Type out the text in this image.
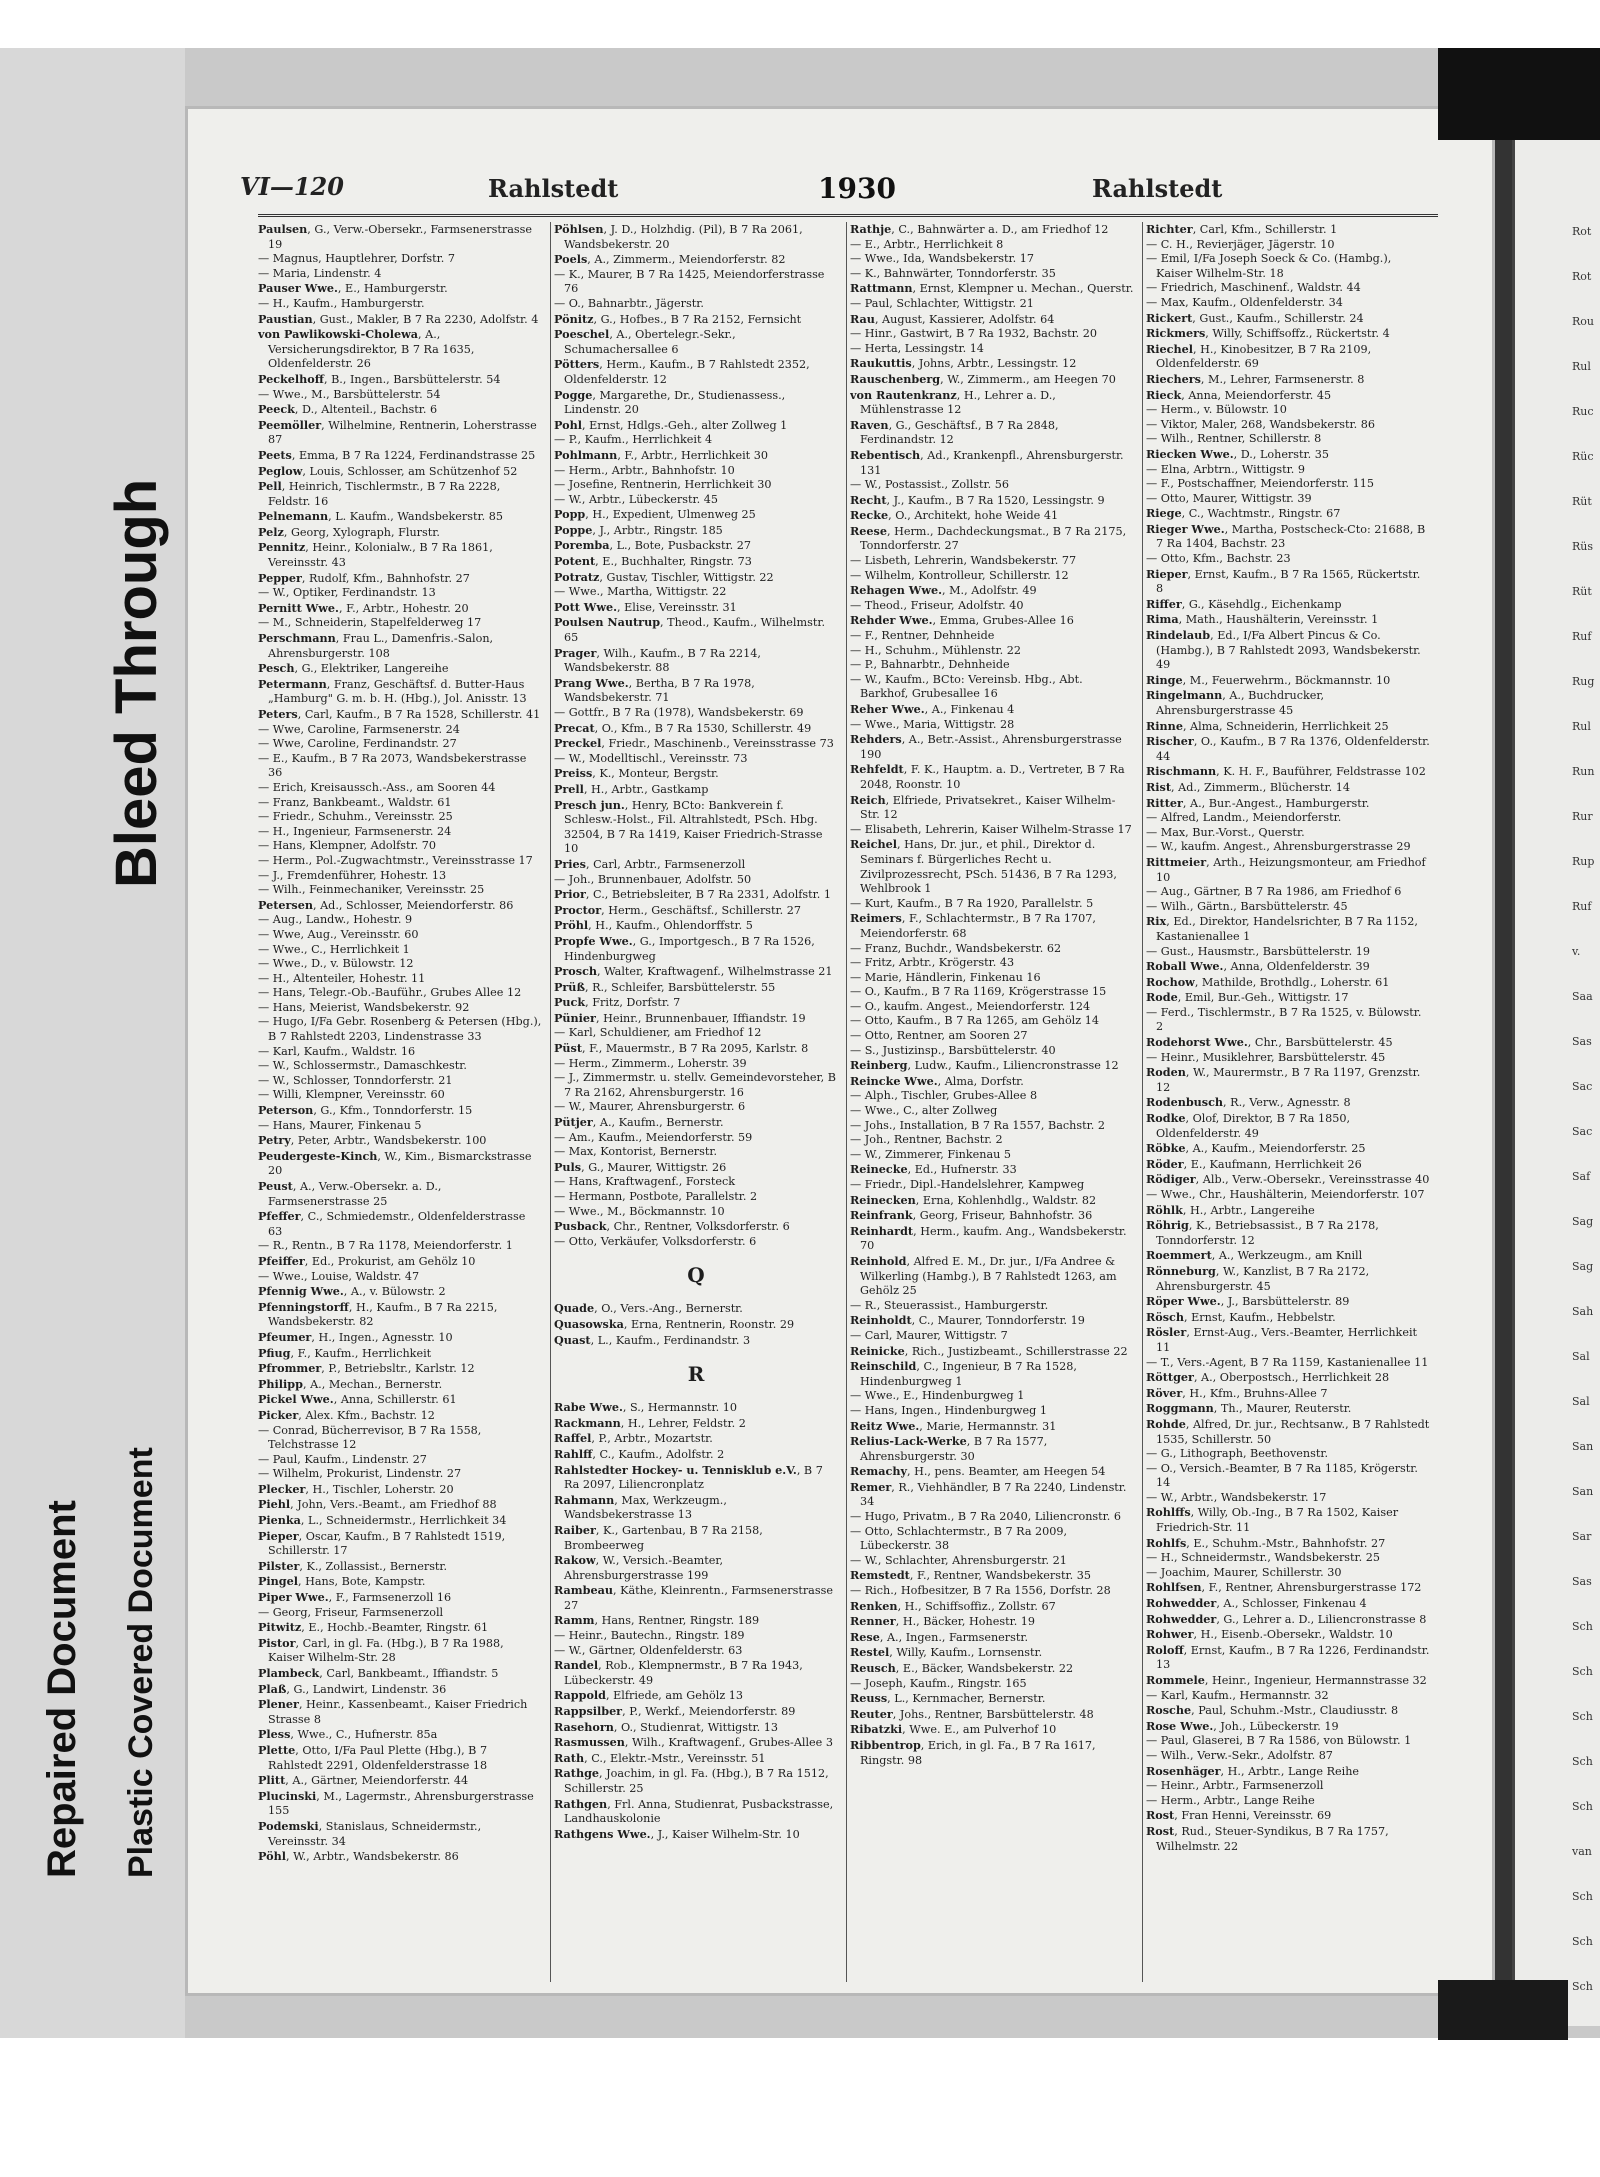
Bleed Through
Repaired Document Plastic Covered Document
VI—120	Rahlstedt	1930	Rahlstedt

Paulsen, G., Verw.-Obersekr., Farmsenerstrasse 19

— Magnus, Hauptlehrer, Dorfstr. 7

— Maria, Lindenstr. 4

Pauser Wwe., E., Hamburgerstr.

— H., Kaufm., Hamburgerstr.

Paustian, Gust., Makler, B 7 Ra 2230, Adolfstr. 4

von Pawlikowski-Cholewa, A., Versicherungsdirektor, B 7 Ra 1635, Oldenfelderstr. 26

Peckelhoff, B., Ingen., Barsbüttelerstr. 54

— Wwe., M., Barsbüttelerstr. 54

Peeck, D., Altenteil., Bachstr. 6

Peemöller, Wilhelmine, Rentnerin, Loherstrasse 87

Peets, Emma, B 7 Ra 1224, Ferdinandstrasse 25

Peglow, Louis, Schlosser, am Schützenhof 52

Pell, Heinrich, Tischlermstr., B 7 Ra 2228, Feldstr. 16

Pelnemann, L. Kaufm., Wandsbekerstr. 85

Pelz, Georg, Xylograph, Flurstr.

Pennitz, Heinr., Kolonialw., B 7 Ra 1861, Vereinsstr. 43

Pepper, Rudolf, Kfm., Bahnhofstr. 27

— W., Optiker, Ferdinandstr. 13

Pernitt Wwe., F., Arbtr., Hohestr. 20

— M., Schneiderin, Stapelfelderweg 17

Perschmann, Frau L., Damenfris.-Salon, Ahrensburgerstr. 108

Pesch, G., Elektriker, Langereihe

Petermann, Franz, Geschäftsf. d. Butter-Haus „Hamburg" G. m. b. H. (Hbg.), Jol. Anisstr. 13

Peters, Carl, Kaufm., B 7 Ra 1528, Schillerstr. 41

— Wwe, Caroline, Farmsenerstr. 24

— Wwe, Caroline, Ferdinandstr. 27

— E., Kaufm., B 7 Ra 2073, Wandsbekerstrasse 36

— Erich, Kreisaussch.-Ass., am Sooren 44

— Franz, Bankbeamt., Waldstr. 61

— Friedr., Schuhm., Vereinsstr. 25

— H., Ingenieur, Farmsenerstr. 24

— Hans, Klempner, Adolfstr. 70

— Herm., Pol.-Zugwachtmstr., Vereinsstrasse 17

— J., Fremdenführer, Hohestr. 13

— Wilh., Feinmechaniker, Vereinsstr. 25

Petersen, Ad., Schlosser, Meiendorferstr. 86

— Aug., Landw., Hohestr. 9

— Wwe, Aug., Vereinsstr. 60

— Wwe., C., Herrlichkeit 1

— Wwe., D., v. Bülowstr. 12

— H., Altenteiler, Hohestr. 11

— Hans, Telegr.-Ob.-Bauführ., Grubes Allee 12

— Hans, Meierist, Wandsbekerstr. 92

— Hugo, I/Fa Gebr. Rosenberg & Petersen (Hbg.), B 7 Rahlstedt 2203, Lindenstrasse 33

— Karl, Kaufm., Waldstr. 16

— W., Schlossermstr., Damaschkestr.

— W., Schlosser, Tonndorferstr. 21

— Willi, Klempner, Vereinsstr. 60

Peterson, G., Kfm., Tonndorferstr. 15

— Hans, Maurer, Finkenau 5

Petry, Peter, Arbtr., Wandsbekerstr. 100

Peudergeste-Kinch, W., Kim., Bismarckstrasse 20

Peust, A., Verw.-Obersekr. a. D., Farmsenerstrasse 25

Pfeffer, C., Schmiedemstr., Oldenfelderstrasse 63

— R., Rentn., B 7 Ra 1178, Meiendorferstr. 1

Pfeiffer, Ed., Prokurist, am Gehölz 10

— Wwe., Louise, Waldstr. 47

Pfennig Wwe., A., v. Bülowstr. 2

Pfenningstorff, H., Kaufm., B 7 Ra 2215, Wandsbekerstr. 82

Pfeumer, H., Ingen., Agnesstr. 10

Pfiug, F., Kaufm., Herrlichkeit

Pfrommer, P., Betriebsltr., Karlstr. 12

Philipp, A., Mechan., Bernerstr.

Pickel Wwe., Anna, Schillerstr. 61

Picker, Alex. Kfm., Bachstr. 12

— Conrad, Bücherrevisor, B 7 Ra 1558, Telchstrasse 12

— Paul, Kaufm., Lindenstr. 27

— Wilhelm, Prokurist, Lindenstr. 27

Plecker, H., Tischler, Loherstr. 20

Piehl, John, Vers.-Beamt., am Friedhof 88

Pienka, L., Schneidermstr., Herrlichkeit 34

Pieper, Oscar, Kaufm., B 7 Rahlstedt 1519, Schillerstr. 17

Pilster, K., Zollassist., Bernerstr.

Pingel, Hans, Bote, Kampstr.

Piper Wwe., F., Farmsenerzoll 16

— Georg, Friseur, Farmsenerzoll

Pitwitz, E., Hochb.-Beamter, Ringstr. 61

Pistor, Carl, in gl. Fa. (Hbg.), B 7 Ra 1988, Kaiser Wilhelm-Str. 28

Plambeck, Carl, Bankbeamt., Iffiandstr. 5

Plaß, G., Landwirt, Lindenstr. 36

Plener, Heinr., Kassenbeamt., Kaiser Friedrich Strasse 8

Pless, Wwe., C., Hufnerstr. 85a

Plette, Otto, I/Fa Paul Plette (Hbg.), B 7 Rahlstedt 2291, Oldenfelderstrasse 18

Plitt, A., Gärtner, Meiendorferstr. 44

Plucinski, M., Lagermstr., Ahrensburgerstrasse 155

Podemski, Stanislaus, Schneidermstr., Vereinsstr. 34

Pöhl, W., Arbtr., Wandsbekerstr. 86

Pöhlsen, J. D., Holzhdig. (Pil), B 7 Ra 2061, Wandsbekerstr. 20

Poels, A., Zimmerm., Meiendorferstr. 82

— K., Maurer, B 7 Ra 1425, Meiendorferstrasse 76

— O., Bahnarbtr., Jägerstr.

Pönitz, G., Hofbes., B 7 Ra 2152, Fernsicht

Poeschel, A., Obertelegr.-Sekr., Schumachersallee 6

Pötters, Herm., Kaufm., B 7 Rahlstedt 2352, Oldenfelderstr. 12

Pogge, Margarethe, Dr., Studienassess., Lindenstr. 20

Pohl, Ernst, Hdlgs.-Geh., alter Zollweg 1

— P., Kaufm., Herrlichkeit 4

Pohlmann, F., Arbtr., Herrlichkeit 30

— Herm., Arbtr., Bahnhofstr. 10

— Josefine, Rentnerin, Herrlichkeit 30

— W., Arbtr., Lübeckerstr. 45

Popp, H., Expedient, Ulmenweg 25

Poppe, J., Arbtr., Ringstr. 185

Poremba, L., Bote, Pusbackstr. 27

Potent, E., Buchhalter, Ringstr. 73

Potratz, Gustav, Tischler, Wittigstr. 22

— Wwe., Martha, Wittigstr. 22

Pott Wwe., Elise, Vereinsstr. 31

Poulsen Nautrup, Theod., Kaufm., Wilhelmstr. 65

Prager, Wilh., Kaufm., B 7 Ra 2214, Wandsbekerstr. 88

Prang Wwe., Bertha, B 7 Ra 1978, Wandsbekerstr. 71

— Gottfr., B 7 Ra (1978), Wandsbekerstr. 69

Precat, O., Kfm., B 7 Ra 1530, Schillerstr. 49

Preckel, Friedr., Maschinenb., Vereinsstrasse 73

— W., Modelltischl., Vereinsstr. 73

Preiss, K., Monteur, Bergstr.

Prell, H., Arbtr., Gastkamp

Presch jun., Henry, BCto: Bankverein f. Schlesw.-Holst., Fil. Altrahlstedt, PSch. Hbg. 32504, B 7 Ra 1419, Kaiser Friedrich-Strasse 10

Pries, Carl, Arbtr., Farmsenerzoll

— Joh., Brunnenbauer, Adolfstr. 50

Prior, C., Betriebsleiter, B 7 Ra 2331, Adolfstr. 1

Proctor, Herm., Geschäftsf., Schillerstr. 27

Pröhl, H., Kaufm., Ohlendorffstr. 5

Propfe Wwe., G., Importgesch., B 7 Ra 1526, Hindenburgweg

Prosch, Walter, Kraftwagenf., Wilhelmstrasse 21

Prüß, R., Schleifer, Barsbüttelerstr. 55

Puck, Fritz, Dorfstr. 7

Pünier, Heinr., Brunnenbauer, Iffiandstr. 19

— Karl, Schuldiener, am Friedhof 12

Püst, F., Mauermstr., B 7 Ra 2095, Karlstr. 8

— Herm., Zimmerm., Loherstr. 39

— J., Zimmermstr. u. stellv. Gemeindevorsteher, B 7 Ra 2162, Ahrensburgerstr. 16

— W., Maurer, Ahrensburgerstr. 6

Pütjer, A., Kaufm., Bernerstr.

— Am., Kaufm., Meiendorferstr. 59

— Max, Kontorist, Bernerstr.

Puls, G., Maurer, Wittigstr. 26

— Hans, Kraftwagenf., Forsteck

— Hermann, Postbote, Parallelstr. 2

— Wwe., M., Böckmannstr. 10

Pusback, Chr., Rentner, Volksdorferstr. 6

— Otto, Verkäufer, Volksdorferstr. 6

Q

Quade, O., Vers.-Ang., Bernerstr.

Quasowska, Erna, Rentnerin, Roonstr. 29

Quast, L., Kaufm., Ferdinandstr. 3

R

Rabe Wwe., S., Hermannstr. 10

Rackmann, H., Lehrer, Feldstr. 2

Raffel, P., Arbtr., Mozartstr.

Rahlff, C., Kaufm., Adolfstr. 2

Rahlstedter Hockey- u. Tennisklub e.V., B 7 Ra 2097, Liliencronplatz

Rahmann, Max, Werkzeugm., Wandsbekerstrasse 13

Raiber, K., Gartenbau, B 7 Ra 2158, Brombeerweg

Rakow, W., Versich.-Beamter, Ahrensburgerstrasse 199

Rambeau, Käthe, Kleinrentn., Farmsenerstrasse 27

Ramm, Hans, Rentner, Ringstr. 189

— Heinr., Bautechn., Ringstr. 189

— W., Gärtner, Oldenfelderstr. 63

Randel, Rob., Klempnermstr., B 7 Ra 1943, Lübeckerstr. 49

Rappold, Elfriede, am Gehölz 13

Rappsilber, P., Werkf., Meiendorferstr. 89

Rasehorn, O., Studienrat, Wittigstr. 13

Rasmussen, Wilh., Kraftwagenf., Grubes-Allee 3

Rath, C., Elektr.-Mstr., Vereinsstr. 51

Rathge, Joachim, in gl. Fa. (Hbg.), B 7 Ra 1512, Schillerstr. 25

Rathgen, Frl. Anna, Studienrat, Pusbackstrasse, Landhauskolonie

Rathgens Wwe., J., Kaiser Wilhelm-Str. 10

Rathje, C., Bahnwärter a. D., am Friedhof 12

— E., Arbtr., Herrlichkeit 8

— Wwe., Ida, Wandsbekerstr. 17

— K., Bahnwärter, Tonndorferstr. 35

Rattmann, Ernst, Klempner u. Mechan., Querstr.

— Paul, Schlachter, Wittigstr. 21

Rau, August, Kassierer, Adolfstr. 64

— Hinr., Gastwirt, B 7 Ra 1932, Bachstr. 20

— Herta, Lessingstr. 14

Raukuttis, Johns, Arbtr., Lessingstr. 12

Rauschenberg, W., Zimmerm., am Heegen 70

von Rautenkranz, H., Lehrer a. D., Mühlenstrasse 12

Raven, G., Geschäftsf., B 7 Ra 2848, Ferdinandstr. 12

Rebentisch, Ad., Krankenpfl., Ahrensburgerstr. 131

— W., Postassist., Zollstr. 56

Recht, J., Kaufm., B 7 Ra 1520, Lessingstr. 9

Recke, O., Architekt, hohe Weide 41

Reese, Herm., Dachdeckungsmat., B 7 Ra 2175, Tonndorferstr. 27

— Lisbeth, Lehrerin, Wandsbekerstr. 77

— Wilhelm, Kontrolleur, Schillerstr. 12

Rehagen Wwe., M., Adolfstr. 49

— Theod., Friseur, Adolfstr. 40

Rehder Wwe., Emma, Grubes-Allee 16

— F., Rentner, Dehnheide

— H., Schuhm., Mühlenstr. 22

— P., Bahnarbtr., Dehnheide

— W., Kaufm., BCto: Vereinsb. Hbg., Abt. Barkhof, Grubesallee 16

Reher Wwe., A., Finkenau 4

— Wwe., Maria, Wittigstr. 28

Rehders, A., Betr.-Assist., Ahrensburgerstrasse 190

Rehfeldt, F. K., Hauptm. a. D., Vertreter, B 7 Ra 2048, Roonstr. 10

Reich, Elfriede, Privatsekret., Kaiser Wilhelm-Str. 12

— Elisabeth, Lehrerin, Kaiser Wilhelm-Strasse 17

Reichel, Hans, Dr. jur., et phil., Direktor d. Seminars f. Bürgerliches Recht u. Zivilprozessrecht, PSch. 51436, B 7 Ra 1293, Wehlbrook 1

— Kurt, Kaufm., B 7 Ra 1920, Parallelstr. 5

Reimers, F., Schlachtermstr., B 7 Ra 1707, Meiendorferstr. 68

— Franz, Buchdr., Wandsbekerstr. 62

— Fritz, Arbtr., Krögerstr. 43

— Marie, Händlerin, Finkenau 16

— O., Kaufm., B 7 Ra 1169, Krögerstrasse 15

— O., kaufm. Angest., Meiendorferstr. 124

— Otto, Kaufm., B 7 Ra 1265, am Gehölz 14

— Otto, Rentner, am Sooren 27

— S., Justizinsp., Barsbüttelerstr. 40

Reinberg, Ludw., Kaufm., Liliencronstrasse 12

Reincke Wwe., Alma, Dorfstr.

— Alph., Tischler, Grubes-Allee 8

— Wwe., C., alter Zollweg

— Johs., Installation, B 7 Ra 1557, Bachstr. 2

— Joh., Rentner, Bachstr. 2

— W., Zimmerer, Finkenau 5

Reinecke, Ed., Hufnerstr. 33

— Friedr., Dipl.-Handelslehrer, Kampweg

Reinecken, Erna, Kohlenhdlg., Waldstr. 82

Reinfrank, Georg, Friseur, Bahnhofstr. 36

Reinhardt, Herm., kaufm. Ang., Wandsbekerstr. 70

Reinhold, Alfred E. M., Dr. jur., I/Fa Andree & Wilkerling (Hambg.), B 7 Rahlstedt 1263, am Gehölz 25

— R., Steuerassist., Hamburgerstr.

Reinholdt, C., Maurer, Tonndorferstr. 19

— Carl, Maurer, Wittigstr. 7

Reinicke, Rich., Justizbeamt., Schillerstrasse 22

Reinschild, C., Ingenieur, B 7 Ra 1528, Hindenburgweg 1

— Wwe., E., Hindenburgweg 1

— Hans, Ingen., Hindenburgweg 1

Reitz Wwe., Marie, Hermannstr. 31

Relius-Lack-Werke, B 7 Ra 1577, Ahrensburgerstr. 30

Remachy, H., pens. Beamter, am Heegen 54

Remer, R., Viehhändler, B 7 Ra 2240, Lindenstr. 34

— Hugo, Privatm., B 7 Ra 2040, Liliencronstr. 6

— Otto, Schlachtermstr., B 7 Ra 2009, Lübeckerstr. 38

— W., Schlachter, Ahrensburgerstr. 21

Remstedt, F., Rentner, Wandsbekerstr. 35

— Rich., Hofbesitzer, B 7 Ra 1556, Dorfstr. 28

Renken, H., Schiffsoffiz., Zollstr. 67

Renner, H., Bäcker, Hohestr. 19

Rese, A., Ingen., Farmsenerstr.

Restel, Willy, Kaufm., Lornsenstr.

Reusch, E., Bäcker, Wandsbekerstr. 22

— Joseph, Kaufm., Ringstr. 165

Reuss, L., Kernmacher, Bernerstr.

Reuter, Johs., Rentner, Barsbüttelerstr. 48

Ribatzki, Wwe. E., am Pulverhof 10

Ribbentrop, Erich, in gl. Fa., B 7 Ra 1617, Ringstr. 98

Richter, Carl, Kfm., Schillerstr. 1

— C. H., Revierjäger, Jägerstr. 10

— Emil, I/Fa Joseph Soeck & Co. (Hambg.), Kaiser Wilhelm-Str. 18

— Friedrich, Maschinenf., Waldstr. 44

— Max, Kaufm., Oldenfelderstr. 34

Rickert, Gust., Kaufm., Schillerstr. 24

Rickmers, Willy, Schiffsoffz., Rückertstr. 4

Riechel, H., Kinobesitzer, B 7 Ra 2109, Oldenfelderstr. 69

Riechers, M., Lehrer, Farmsenerstr. 8

Rieck, Anna, Meiendorferstr. 45

— Herm., v. Bülowstr. 10

— Viktor, Maler, 268, Wandsbekerstr. 86

— Wilh., Rentner, Schillerstr. 8

Riecken Wwe., D., Loherstr. 35

— Elna, Arbtrn., Wittigstr. 9

— F., Postschaffner, Meiendorferstr. 115

— Otto, Maurer, Wittigstr. 39

Riege, C., Wachtmstr., Ringstr. 67

Rieger Wwe., Martha, Postscheck-Cto: 21688, B 7 Ra 1404, Bachstr. 23

— Otto, Kfm., Bachstr. 23

Rieper, Ernst, Kaufm., B 7 Ra 1565, Rückertstr. 8

Riffer, G., Käsehdlg., Eichenkamp

Rima, Math., Haushälterin, Vereinsstr. 1

Rindelaub, Ed., I/Fa Albert Pincus & Co. (Hambg.), B 7 Rahlstedt 2093, Wandsbekerstr. 49

Ringe, M., Feuerwehrm., Böckmannstr. 10

Ringelmann, A., Buchdrucker, Ahrensburgerstrasse 45

Rinne, Alma, Schneiderin, Herrlichkeit 25

Rischer, O., Kaufm., B 7 Ra 1376, Oldenfelderstr. 44

Rischmann, K. H. F., Bauführer, Feldstrasse 102

Rist, Ad., Zimmerm., Blücherstr. 14

Ritter, A., Bur.-Angest., Hamburgerstr.

— Alfred, Landm., Meiendorferstr.

— Max, Bur.-Vorst., Querstr.

— W., kaufm. Angest., Ahrensburgerstrasse 29

Rittmeier, Arth., Heizungsmonteur, am Friedhof 10

— Aug., Gärtner, B 7 Ra 1986, am Friedhof 6

— Wilh., Gärtn., Barsbüttelerstr. 45

Rix, Ed., Direktor, Handelsrichter, B 7 Ra 1152, Kastanienallee 1

— Gust., Hausmstr., Barsbüttelerstr. 19

Roball Wwe., Anna, Oldenfelderstr. 39

Rochow, Mathilde, Brothdlg., Loherstr. 61

Rode, Emil, Bur.-Geh., Wittigstr. 17

— Ferd., Tischlermstr., B 7 Ra 1525, v. Bülowstr. 2

Rodehorst Wwe., Chr., Barsbüttelerstr. 45

— Heinr., Musiklehrer, Barsbüttelerstr. 45

Roden, W., Maurermstr., B 7 Ra 1197, Grenzstr. 12

Rodenbusch, R., Verw., Agnesstr. 8

Rodke, Olof, Direktor, B 7 Ra 1850, Oldenfelderstr. 49

Röbke, A., Kaufm., Meiendorferstr. 25

Röder, E., Kaufmann, Herrlichkeit 26

Rödiger, Alb., Verw.-Obersekr., Vereinsstrasse 40

— Wwe., Chr., Haushälterin, Meiendorferstr. 107

Röhlk, H., Arbtr., Langereihe

Röhrig, K., Betriebsassist., B 7 Ra 2178, Tonndorferstr. 12

Roemmert, A., Werkzeugm., am Knill

Rönneburg, W., Kanzlist, B 7 Ra 2172, Ahrensburgerstr. 45

Röper Wwe., J., Barsbüttelerstr. 89

Rösch, Ernst, Kaufm., Hebbelstr.

Rösler, Ernst-Aug., Vers.-Beamter, Herrlichkeit 11

— T., Vers.-Agent, B 7 Ra 1159, Kastanienallee 11

Röttger, A., Oberpostsch., Herrlichkeit 28

Röver, H., Kfm., Bruhns-Allee 7

Roggmann, Th., Maurer, Reuterstr.

Rohde, Alfred, Dr. jur., Rechtsanw., B 7 Rahlstedt 1535, Schillerstr. 50

— G., Lithograph, Beethovenstr.

— O., Versich.-Beamter, B 7 Ra 1185, Krögerstr. 14

— W., Arbtr., Wandsbekerstr. 17

Rohlffs, Willy, Ob.-Ing., B 7 Ra 1502, Kaiser Friedrich-Str. 11

Rohlfs, E., Schuhm.-Mstr., Bahnhofstr. 27

— H., Schneidermstr., Wandsbekerstr. 25

— Joachim, Maurer, Schillerstr. 30

Rohlfsen, F., Rentner, Ahrensburgerstrasse 172

Rohwedder, A., Schlosser, Finkenau 4

Rohwedder, G., Lehrer a. D., Liliencronstrasse 8

Rohwer, H., Eisenb.-Obersekr., Waldstr. 10

Roloff, Ernst, Kaufm., B 7 Ra 1226, Ferdinandstr. 13

Rommele, Heinr., Ingenieur, Hermannstrasse 32

— Karl, Kaufm., Hermannstr. 32

Rosche, Paul, Schuhm.-Mstr., Claudiusstr. 8

Rose Wwe., Joh., Lübeckerstr. 19

— Paul, Glaserei, B 7 Ra 1586, von Bülowstr. 1

— Wilh., Verw.-Sekr., Adolfstr. 87

Rosenhäger, H., Arbtr., Lange Reihe

— Heinr., Arbtr., Farmsenerzoll

— Herm., Arbtr., Lange Reihe

Rost, Fran Henni, Vereinsstr. 69

Rost, Rud., Steuer-Syndikus, B 7 Ra 1757, Wilhelmstr. 22

Rot
Rot
Rou
Rul
Ruc
Rüc
Rüt
Rüs
Rüt
Ruf
Rug
Rul
Run
Rur
Rup
Ruf
v.
Saa
Sas
Sac
Sac
Saf
Sag
Sag
Sah
Sal
Sal
San
San
Sar
Sas
Sch
Sch
Sch
Sch
Sch
van
Sch
Sch
Sch
